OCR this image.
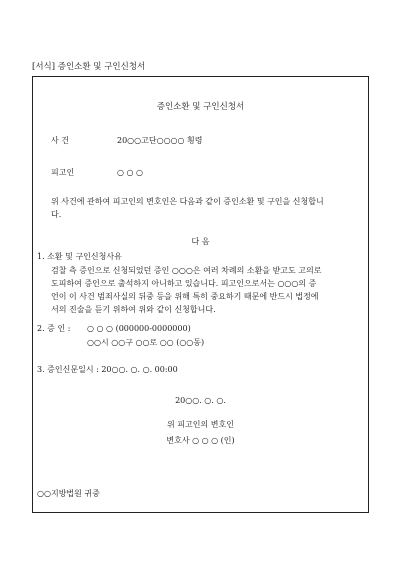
[서식] 증인소환 및 구인신청서
증인소환 및 구인신청서
사 건	20○○고단○○○○ 횡령
피고인	○ ○ ○
위 사건에 관하여 피고인의 변호인은 다음과 같이 증인소환 및 구인을 신청합니
다.
다 음
1. 소환 및 구인신청사유
검찰 측 증인으로 신청되었던 증인 ○○○은 여러 차례의 소환을 받고도 고의로
도피하여 증인으로 출석하지 아니하고 있습니다. 피고인으로서는 ○○○의 증
언이 이 사건 범죄사실의 뒤중 등을 위해 특히 중요하기 때문에 반드시 법정에
서의 진술을 듣기 위하여 위와 같이 신청합니다.
2. 증 인 : ○ ○ ○ (000000-0000000)
○○시 ○○구 ○○로 ○○ (○○동)
3. 증인신문일시 : 20○○. ○. ○. 00:00
20○○. ○. ○.
위 피고인의 변호인
변호사 ○ ○ ○ (인)
○○지방법원 귀중
